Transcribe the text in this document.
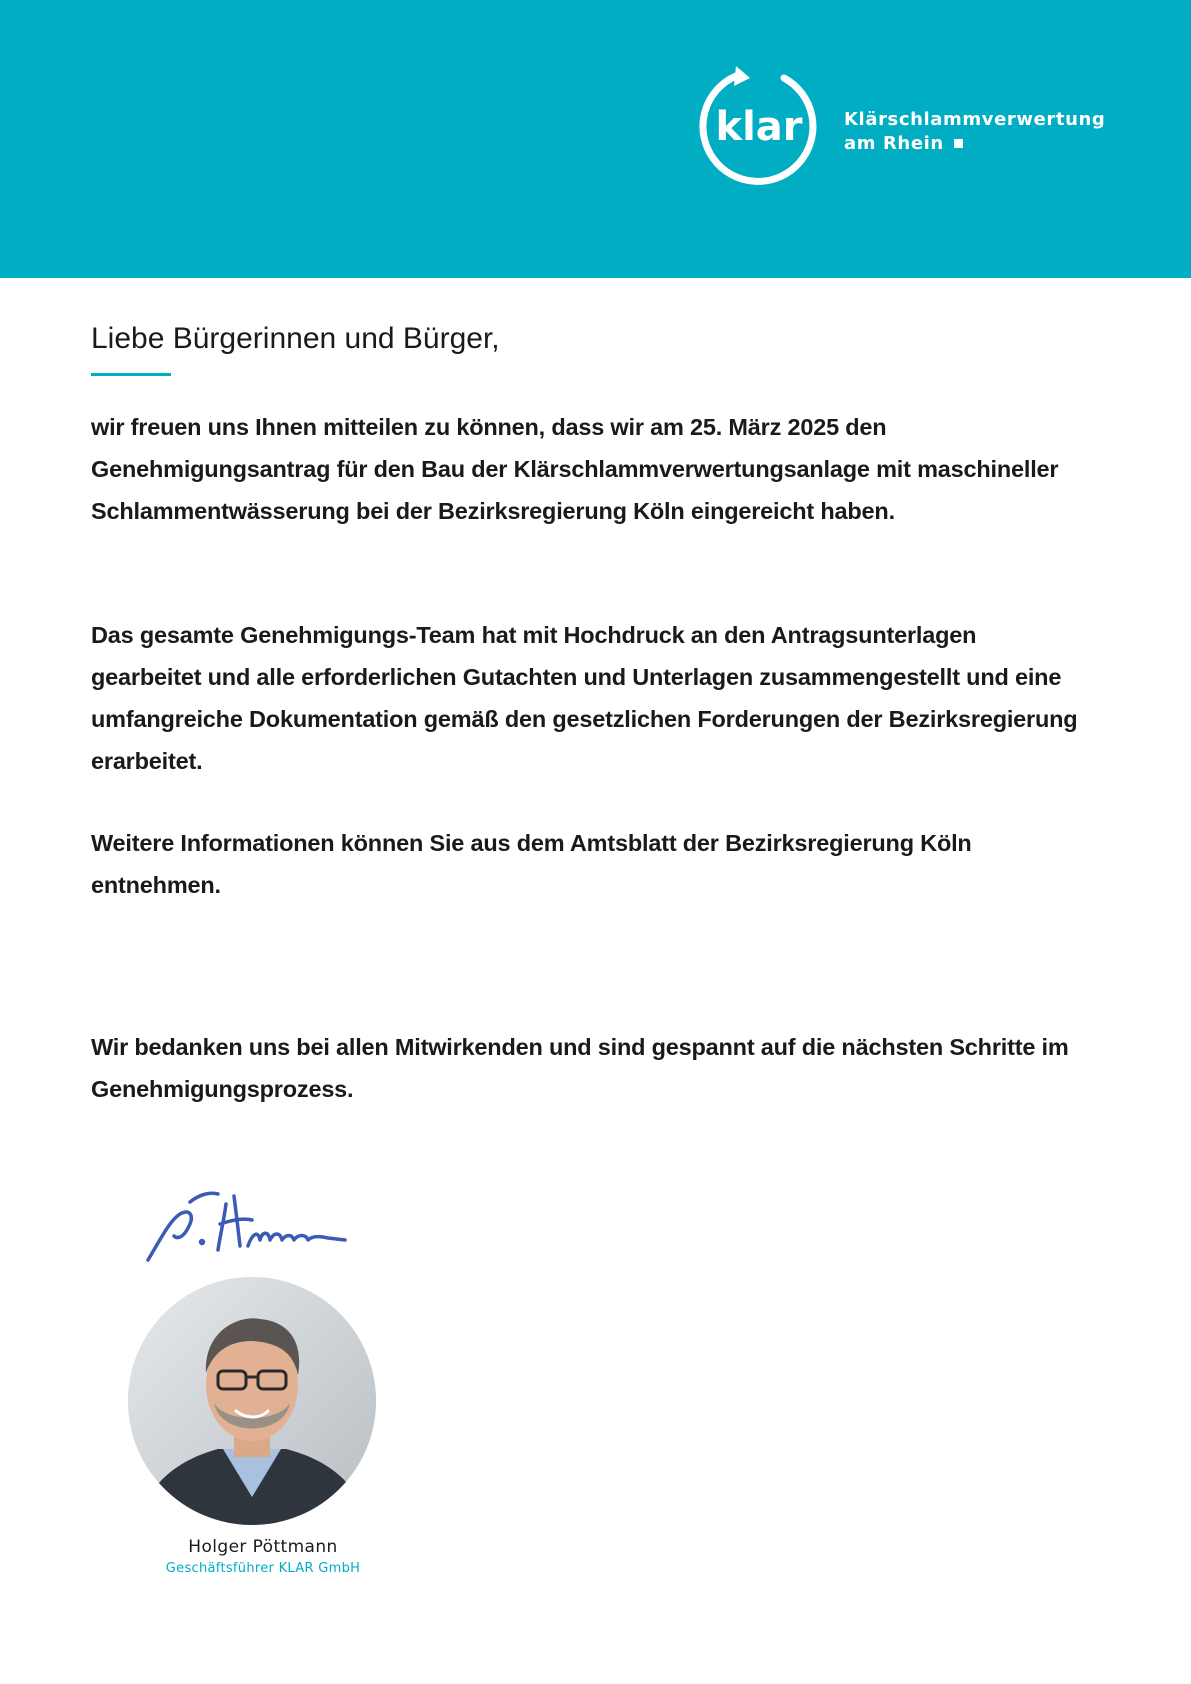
klar Klärschlammverwertung
am Rhein
Liebe Bürgerinnen und Bürger,

wir freuen uns Ihnen mitteilen zu können, dass wir am 25. März 2025 den Genehmigungsantrag für den Bau der Klärschlammverwertungsanlage mit maschineller Schlammentwässerung bei der Bezirksregierung Köln eingereicht haben.

Das gesamte Genehmigungs-Team hat mit Hochdruck an den Antragsunterlagen gearbeitet und alle erforderlichen Gutachten und Unterlagen zusammengestellt und eine umfangreiche Dokumentation gemäß den gesetzlichen Forderungen der Bezirksregierung erarbeitet.

Weitere Informationen können Sie aus dem Amtsblatt der Bezirksregierung Köln entnehmen.

Wir bedanken uns bei allen Mitwirkenden und sind gespannt auf die nächsten Schritte im Genehmigungsprozess.

Holger Pöttmann
Geschäftsführer KLAR GmbH
